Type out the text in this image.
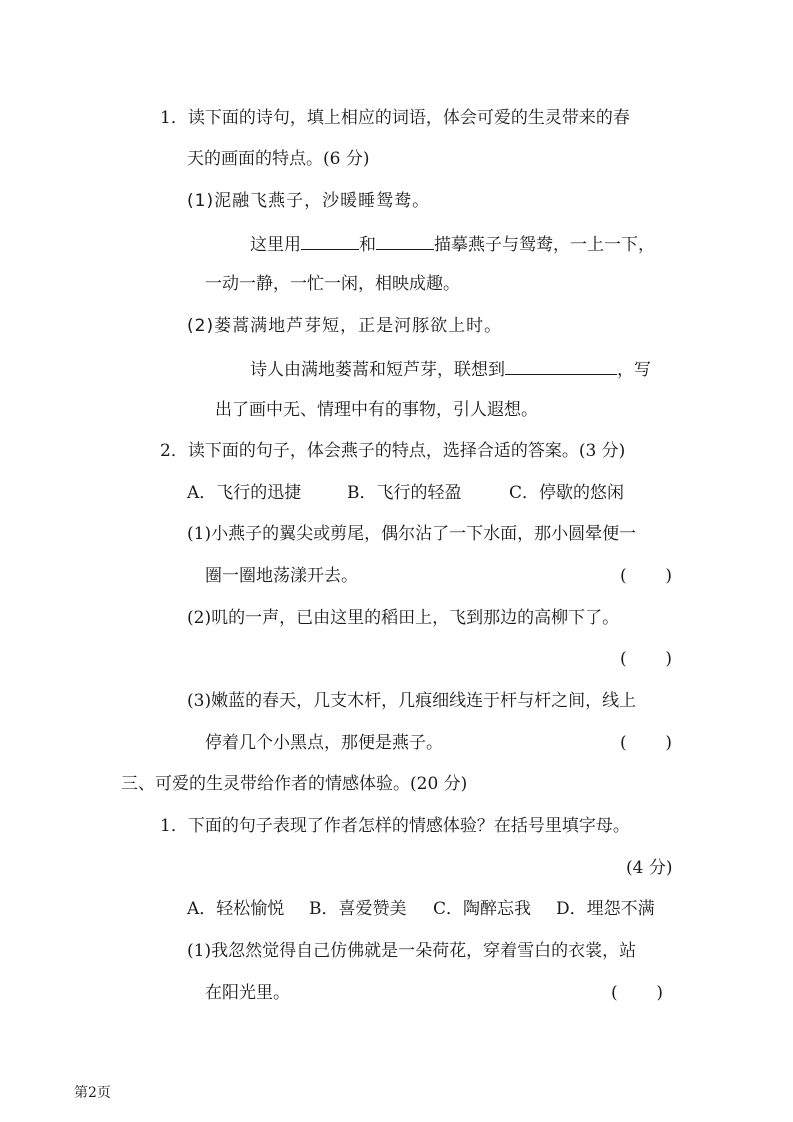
1．读下面的诗句，填上相应的词语，体会可爱的生灵带来的春
天的画面的特点。(6 分)
(1)泥融飞燕子，沙暖睡鸳鸯。
这里用	和	描摹燕子与鸳鸯，一上一下，
一动一静，一忙一闲，相映成趣。
(2)蒌蒿满地芦芽短，正是河豚欲上时。
诗人由满地蒌蒿和短芦芽，联想到	，写
出了画中无、情理中有的事物，引人遐想。
2．读下面的句子，体会燕子的特点，选择合适的答案。(3 分)
A．飞行的迅捷	B．飞行的轻盈	C．停歇的悠闲
(1)小燕子的翼尖或剪尾，偶尔沾了一下水面，那小圆晕便一
圈一圈地荡漾开去。	( )
(2)叽的一声，已由这里的稻田上，飞到那边的高柳下了。
( )
(3)嫩蓝的春天，几支木杆，几痕细线连于杆与杆之间，线上
停着几个小黑点，那便是燕子。	( )
三、可爱的生灵带给作者的情感体验。(20 分)
1．下面的句子表现了作者怎样的情感体验？在括号里填字母。
(4 分)
A．轻松愉悦 B．喜爱赞美 C．陶醉忘我 D．埋怨不满
(1)我忽然觉得自己仿佛就是一朵荷花，穿着雪白的衣裳，站
在阳光里。	( )
第2页
